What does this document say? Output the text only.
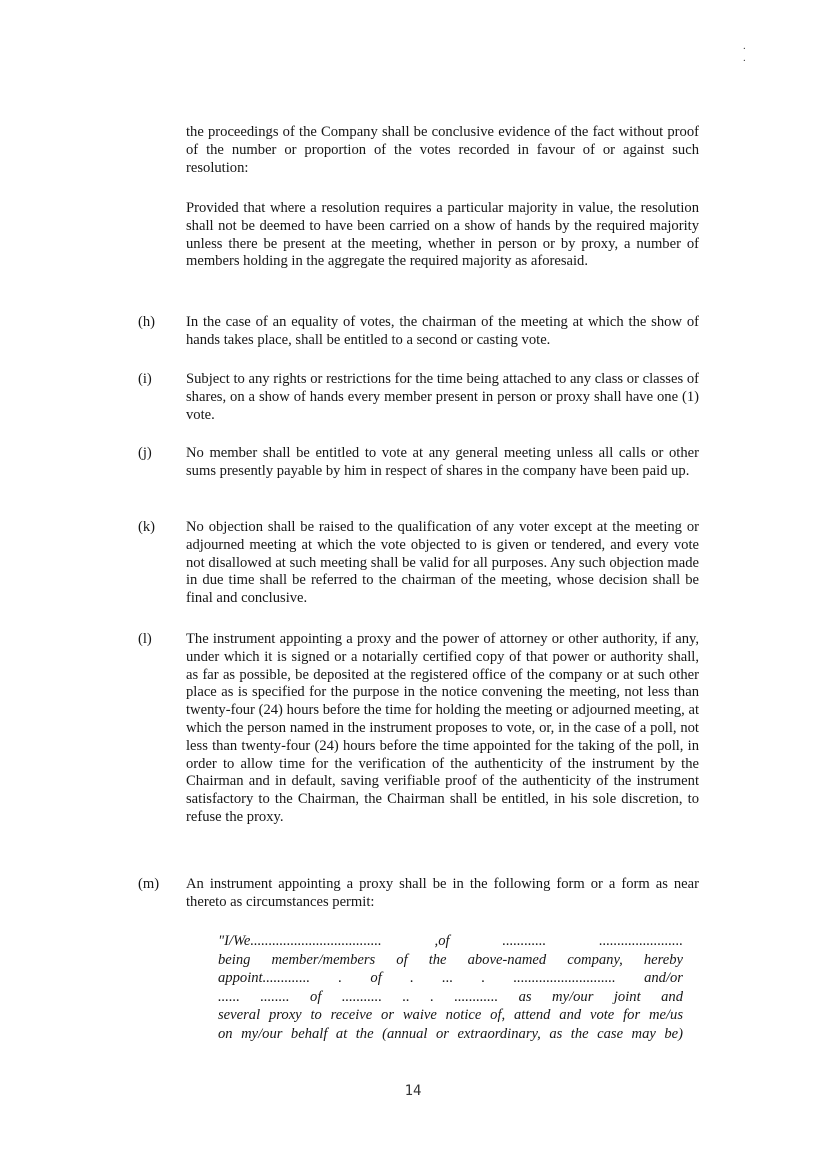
. .

the proceedings of the Company shall be conclusive evidence of the fact without proof of the number or proportion of the votes recorded in favour of or against such resolution:

Provided that where a resolution requires a particular majority in value, the resolution shall not be deemed to have been carried on a show of hands by the required majority unless there be present at the meeting, whether in person or by proxy, a number of members holding in the aggregate the required majority as aforesaid.

(h) In the case of an equality of votes, the chairman of the meeting at which the show of hands takes place, shall be entitled to a second or casting vote.

(i) Subject to any rights or restrictions for the time being attached to any class or classes of shares, on a show of hands every member present in person or proxy shall have one (1) vote.

(j) No member shall be entitled to vote at any general meeting unless all calls or other sums presently payable by him in respect of shares in the company have been paid up.

(k) No objection shall be raised to the qualification of any voter except at the meeting or adjourned meeting at which the vote objected to is given or tendered, and every vote not disallowed at such meeting shall be valid for all purposes. Any such objection made in due time shall be referred to the chairman of the meeting, whose decision shall be final and conclusive.

(l) The instrument appointing a proxy and the power of attorney or other authority, if any, under which it is signed or a notarially certified copy of that power or authority shall, as far as possible, be deposited at the registered office of the company or at such other place as is specified for the purpose in the notice convening the meeting, not less than twenty-four (24) hours before the time for holding the meeting or adjourned meeting, at which the person named in the instrument proposes to vote, or, in the case of a poll, not less than twenty-four (24) hours before the time appointed for the taking of the poll, in order to allow time for the verification of the authenticity of the instrument by the Chairman and in default, saving verifiable proof of the authenticity of the instrument satisfactory to the Chairman, the Chairman shall be entitled, in his sole discretion, to refuse the proxy.

(m) An instrument appointing a proxy shall be in the following form or a form as near thereto as circumstances permit:

"I/We.................................... ,of ............ .......................
being member/members of the above-named company, hereby
appoint............. . of . ... . ............................ and/or
...... ........ of ........... .. . ............ as my/our joint and
several proxy to receive or waive notice of, attend and vote for me/us
on my/our behalf at the (annual or extraordinary, as the case may be)
14
